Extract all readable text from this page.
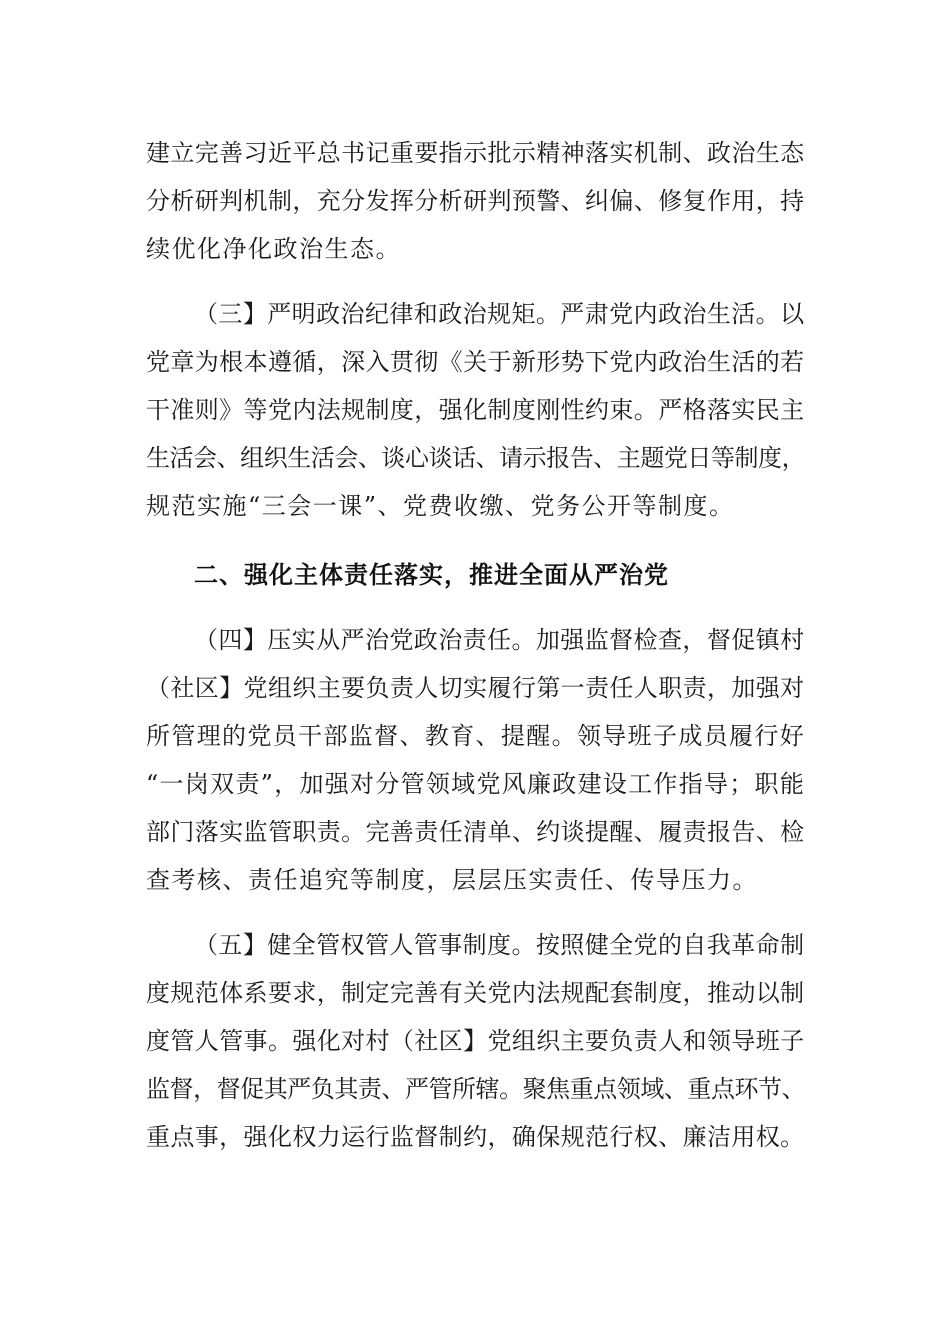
建立完善习近平总书记重要指示批示精神落实机制、政治生态
分析研判机制，充分发挥分析研判预警、纠偏、修复作用，持
续优化净化政治生态。
（三】严明政治纪律和政治规矩。严肃党内政治生活。以
党章为根本遵循，深入贯彻《关于新形势下党内政治生活的若
干准则》等党内法规制度，强化制度刚性约束。严格落实民主
生活会、组织生活会、谈心谈话、请示报告、主题党日等制度，
规范实施“三会一课”、党费收缴、党务公开等制度。
二、强化主体责任落实，推进全面从严治党
（四】压实从严治党政治责任。加强监督检查，督促镇村
（社区】党组织主要负责人切实履行第一责任人职责，加强对
所管理的党员干部监督、教育、提醒。领导班子成员履行好
“一岗双责”，加强对分管领域党风廉政建设工作指导；职能
部门落实监管职责。完善责任清单、约谈提醒、履责报告、检
查考核、责任追究等制度，层层压实责任、传导压力。
（五】健全管权管人管事制度。按照健全党的自我革命制
度规范体系要求，制定完善有关党内法规配套制度，推动以制
度管人管事。强化对村（社区】党组织主要负责人和领导班子
监督，督促其严负其责、严管所辖。聚焦重点领域、重点环节、
重点事，强化权力运行监督制约，确保规范行权、廉洁用权。
